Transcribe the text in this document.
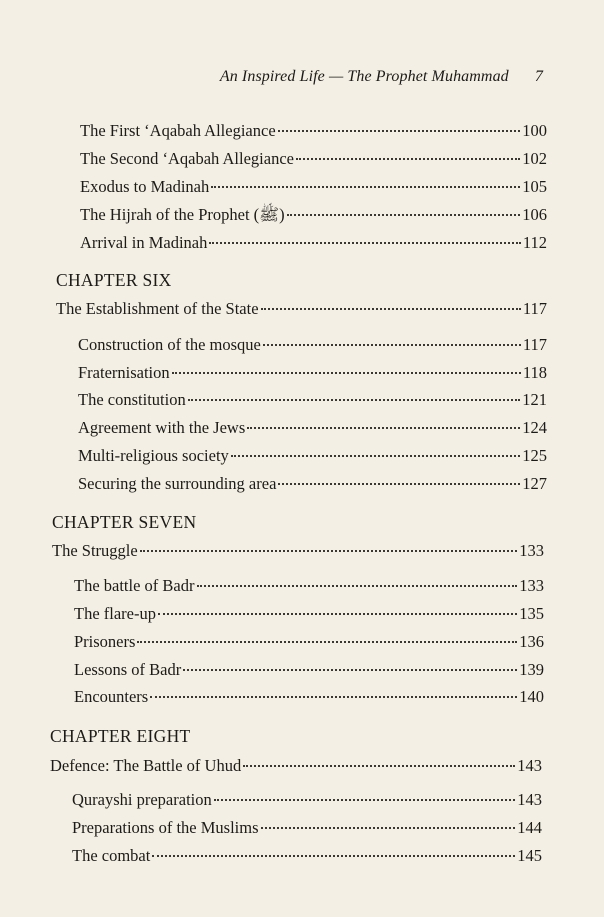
An Inspired Life — The Prophet Muhammad 7
The First ‘Aqabah Allegiance	100
The Second ‘Aqabah Allegiance	102
Exodus to Madinah	105
The Hijrah of the Prophet (ﷺ)	106
Arrival in Madinah	112
CHAPTER SIX
The Establishment of the State	117
Construction of the mosque	117
Fraternisation	118
The constitution	121
Agreement with the Jews	124
Multi-religious society	125
Securing the surrounding area	127
CHAPTER SEVEN
The Struggle	133
The battle of Badr	133
The flare-up	135
Prisoners	136
Lessons of Badr	139
Encounters	140
CHAPTER EIGHT
Defence: The Battle of Uhud	143
Qurayshi preparation	143
Preparations of the Muslims	144
The combat	145
